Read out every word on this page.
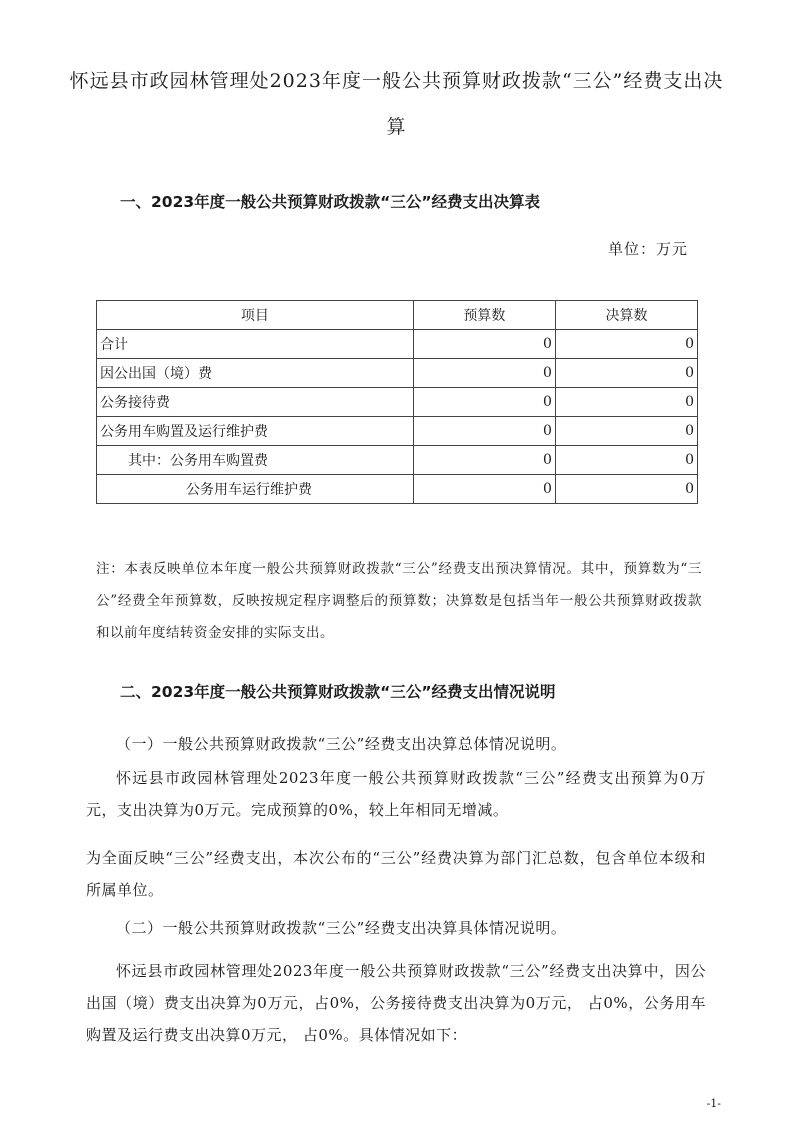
怀远县市政园林管理处2023年度一般公共预算财政拨款“三公”经费支出决算
一、2023年度一般公共预算财政拨款“三公”经费支出决算表
单位：万元
项目	预算数	决算数
合计	0	0
因公出国（境）费	0	0
公务接待费	0	0
公务用车购置及运行维护费	0	0
其中：公务用车购置费	0	0
公务用车运行维护费	0	0
注：本表反映单位本年度一般公共预算财政拨款“三公”经费支出预决算情况。其中，预算数为“三公”经费全年预算数，反映按规定程序调整后的预算数；决算数是包括当年一般公共预算财政拨款和以前年度结转资金安排的实际支出。
二、2023年度一般公共预算财政拨款“三公”经费支出情况说明
（一）一般公共预算财政拨款“三公”经费支出决算总体情况说明。
怀远县市政园林管理处2023年度一般公共预算财政拨款“三公”经费支出预算为0万元，支出决算为0万元。完成预算的0%，较上年相同无增减。
为全面反映“三公”经费支出，本次公布的“三公”经费决算为部门汇总数，包含单位本级和所属单位。
（二）一般公共预算财政拨款“三公”经费支出决算具体情况说明。
怀远县市政园林管理处2023年度一般公共预算财政拨款“三公”经费支出决算中，因公出国（境）费支出决算为0万元，占0%，公务接待费支出决算为0万元， 占0%，公务用车购置及运行费支出决算0万元， 占0%。具体情况如下：
-1-
